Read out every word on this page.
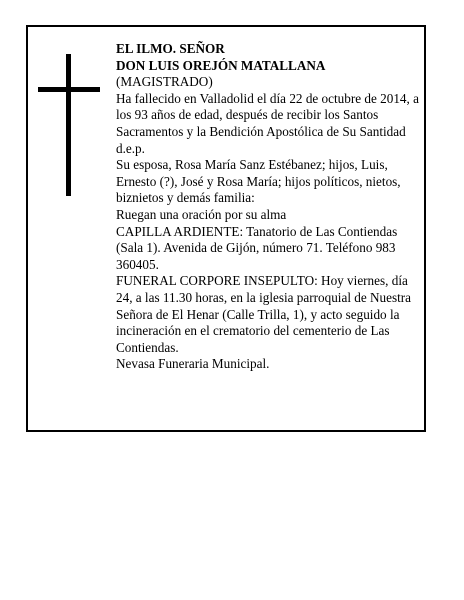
EL ILMO. SEÑOR

DON LUIS OREJÓN MATALLANA

(MAGISTRADO)

Ha fallecido en Valladolid el día 22 de octubre de 2014, a los 93 años de edad, después de recibir los Santos Sacramentos y la Bendición Apostólica de Su Santidad d.e.p.

Su esposa, Rosa María Sanz Estébanez; hijos, Luis, Ernesto (?), José y Rosa María; hijos políticos, nietos, biznietos y demás familia:

Ruegan una oración por su alma

CAPILLA ARDIENTE: Tanatorio de Las Contiendas (Sala 1). Avenida de Gijón, número 71. Teléfono 983 360405.

FUNERAL CORPORE INSEPULTO: Hoy viernes, día 24, a las 11.30 horas, en la iglesia parroquial de Nuestra Señora de El Henar (Calle Trilla, 1), y acto seguido la incineración en el crematorio del cementerio de Las Contiendas.

Nevasa Funeraria Municipal.
